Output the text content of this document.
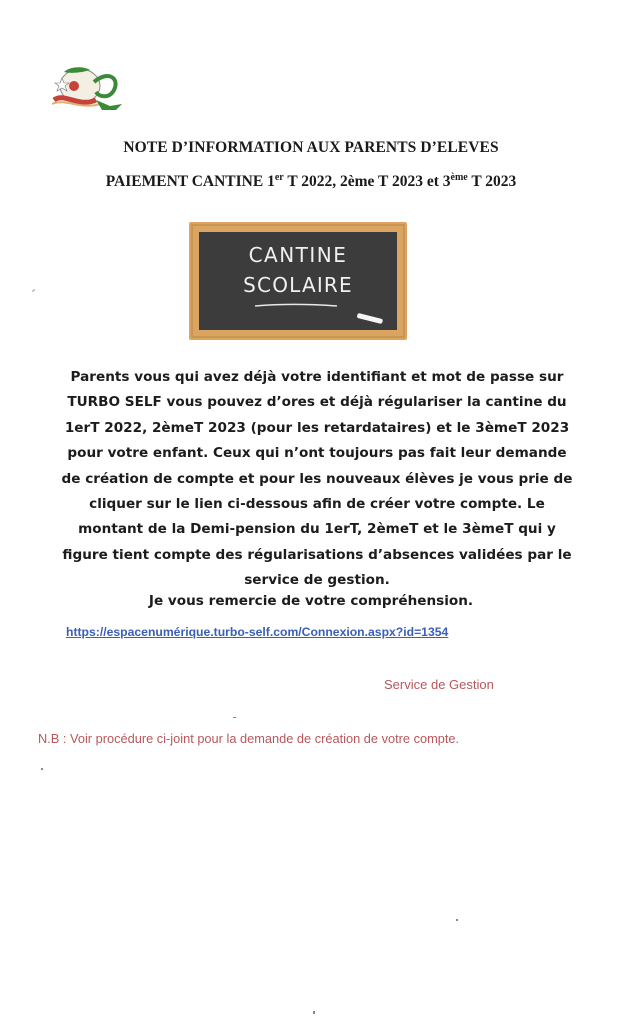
NOTE D’INFORMATION AUX PARENTS D’ELEVES
PAIEMENT CANTINE 1er T 2022, 2ème T 2023 et 3ème T 2023
CANTINE
SCOLAIRE
Parents vous qui avez déjà votre identifiant et mot de passe sur
TURBO SELF vous pouvez d’ores et déjà régulariser la cantine du
1erT 2022, 2èmeT 2023 (pour les retardataires) et le 3èmeT 2023
pour votre enfant. Ceux qui n’ont toujours pas fait leur demande
de création de compte et pour les nouveaux élèves je vous prie de
cliquer sur le lien ci-dessous afin de créer votre compte. Le
montant de la Demi-pension du 1erT, 2èmeT et le 3èmeT qui y
figure tient compte des régularisations d’absences validées par le
service de gestion.
Je vous remercie de votre compréhension.
https://espacenumérique.turbo-self.com/Connexion.aspx?id=1354
Service de Gestion
N.B : Voir procédure ci-joint pour la demande de création de votre compte.
